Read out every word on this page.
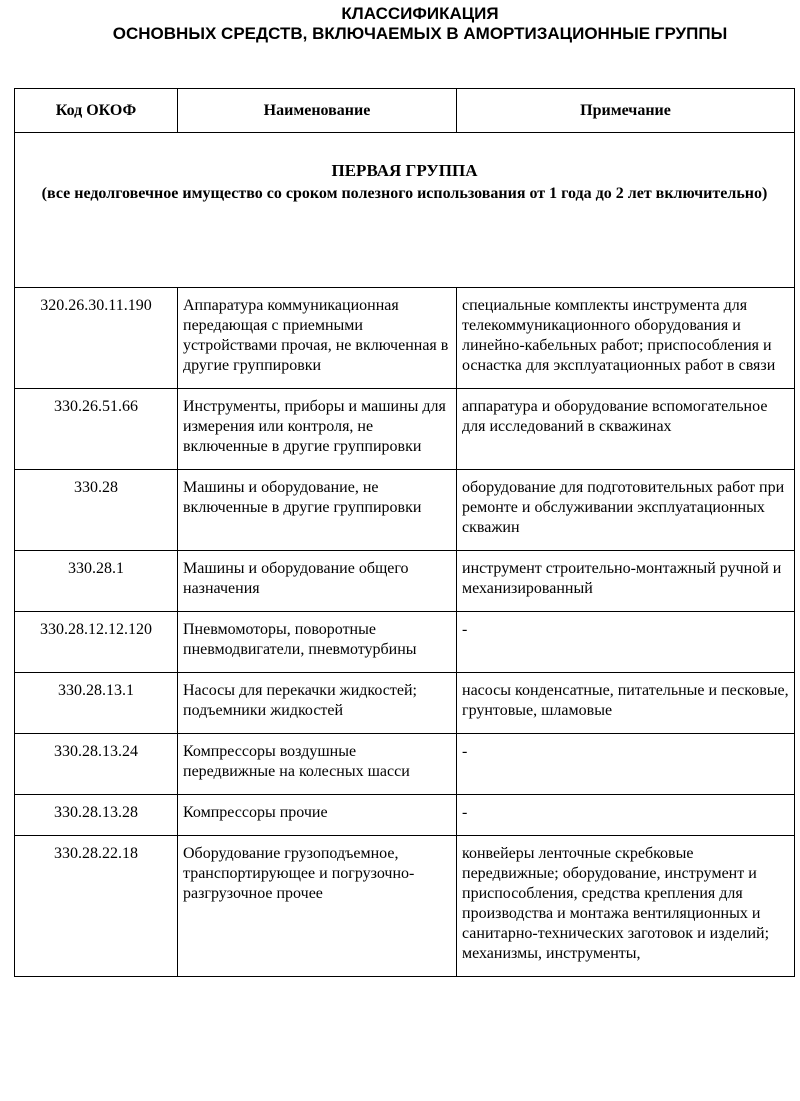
КЛАССИФИКАЦИЯ
ОСНОВНЫХ СРЕДСТВ, ВКЛЮЧАЕМЫХ В АМОРТИЗАЦИОННЫЕ ГРУППЫ
Код ОКОФ	Наименование	Примечание

ПЕРВАЯ ГРУППА
(все недолговечное имущество со сроком полезного использования от 1 года до 2 лет включительно)		

320.26.30.11.190	Аппаратура коммуникационная передающая с приемными устройствами прочая, не включенная в другие группировки	специальные комплекты инструмента для телекоммуникационного оборудования и линейно-кабельных работ; приспособления и оснастка для эксплуатационных работ в связи
330.26.51.66	Инструменты, приборы и машины для измерения или контроля, не включенные в другие группировки	аппаратура и оборудование вспомогательное для исследований в скважинах
330.28	Машины и оборудование, не включенные в другие группировки	оборудование для подготовительных работ при ремонте и обслуживании эксплуатационных скважин
330.28.1	Машины и оборудование общего назначения	инструмент строительно-монтажный ручной и механизированный
330.28.12.12.120	Пневмомоторы, поворотные пневмодвигатели, пневмотурбины	-
330.28.13.1	Насосы для перекачки жидкостей; подъемники жидкостей	насосы конденсатные, питательные и песковые, грунтовые, шламовые
330.28.13.24	Компрессоры воздушные передвижные на колесных шасси	-
330.28.13.28	Компрессоры прочие	-
330.28.22.18	Оборудование грузоподъемное, транспортирующее и погрузочно-разгрузочное прочее	конвейеры ленточные скребковые передвижные; оборудование, инструмент и приспособления, средства крепления для производства и монтажа вентиляционных и санитарно-технических заготовок и изделий; механизмы, инструменты,
